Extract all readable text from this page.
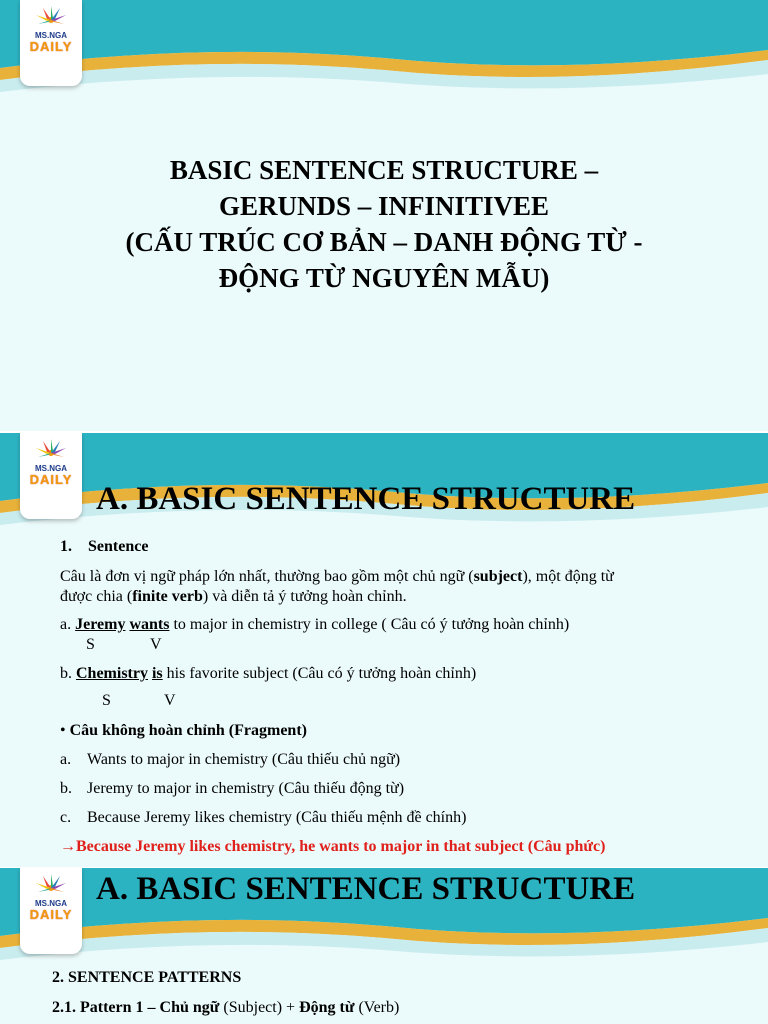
MS.NGA
DAILY
BASIC SENTENCE STRUCTURE –
GERUNDS – INFINITIVEE
(CẤU TRÚC CƠ BẢN – DANH ĐỘNG TỪ -
ĐỘNG TỪ NGUYÊN MẪU)
MS.NGA
DAILY
A. BASIC SENTENCE STRUCTURE
1. Sentence
Câu là đơn vị ngữ pháp lớn nhất, thường bao gồm một chủ ngữ (subject), một động từ
được chia (finite verb) và diễn tả ý tưởng hoàn chỉnh.
a. Jeremy wants to major in chemistry in college ( Câu có ý tưởng hoàn chỉnh)
S	V
b. Chemistry is his favorite subject (Câu có ý tưởng hoàn chỉnh)
S	V
• Câu không hoàn chỉnh (Fragment)
a. Wants to major in chemistry (Câu thiếu chủ ngữ)
b. Jeremy to major in chemistry (Câu thiếu động từ)
c. Because Jeremy likes chemistry (Câu thiếu mệnh đề chính)
→Because Jeremy likes chemistry, he wants to major in that subject (Câu phức)
MS.NGA
DAILY
A. BASIC SENTENCE STRUCTURE
2. SENTENCE PATTERNS
2.1. Pattern 1 – Chủ ngữ (Subject) + Động từ (Verb)
